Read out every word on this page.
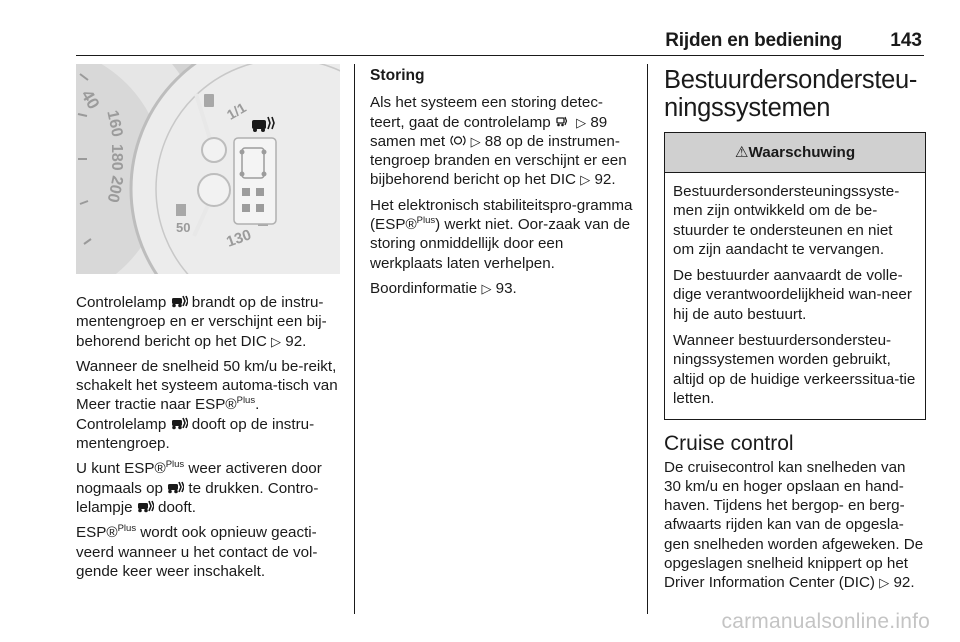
Rijden en bediening	143
40
160
180
200
1/1
130
50

Controlelamp
brandt op de instru-mentengroep en er verschijnt een bij-behorend bericht op het DIC ▷ 92.

Wanneer de snelheid 50 km/u be-reikt, schakelt het systeem automa-tisch van Meer tractie naar ESP®$^{Plus}$. Controlelamp
dooft op de instru-mentengroep.

U kunt ESP®$^{Plus}$ weer activeren door nogmaals op
te drukken. Contro-lelampje
dooft.

ESP®$^{Plus}$ wordt ook opnieuw geacti-veerd wanneer u het contact de vol-gende keer weer inschakelt.

Storing

Als het systeem een storing detec-teert, gaat de controlelamp
▷ 89 samen met
▷ 88 op de instrumen-tengroep branden en verschijnt er een bijbehorend bericht op het DIC ▷ 92.

Het elektronisch stabiliteitspro-gramma (ESP®$^{Plus}$) werkt niet. Oor-zaak van de storing onmiddellijk door een werkplaats laten verhelpen.

Boordinformatie ▷ 93.

Bestuurdersondersteu-ningssystemen
⚠Waarschuwing

Bestuurdersondersteuningssyste-men zijn ontwikkeld om de be-stuurder te ondersteunen en niet om zijn aandacht te vervangen.

De bestuurder aanvaardt de volle-dige verantwoordelijkheid wan-neer hij de auto bestuurt.

Wanneer bestuurdersondersteu-ningssystemen worden gebruikt, altijd op de huidige verkeerssitua-tie letten.

Cruise control

De cruisecontrol kan snelheden van 30 km/u en hoger opslaan en hand-haven. Tijdens het bergop- en berg-afwaarts rijden kan van de opgesla-gen snelheden worden afgeweken. De opgeslagen snelheid knippert op het Driver Information Center (DIC) ▷ 92.

carmanualsonline.info
